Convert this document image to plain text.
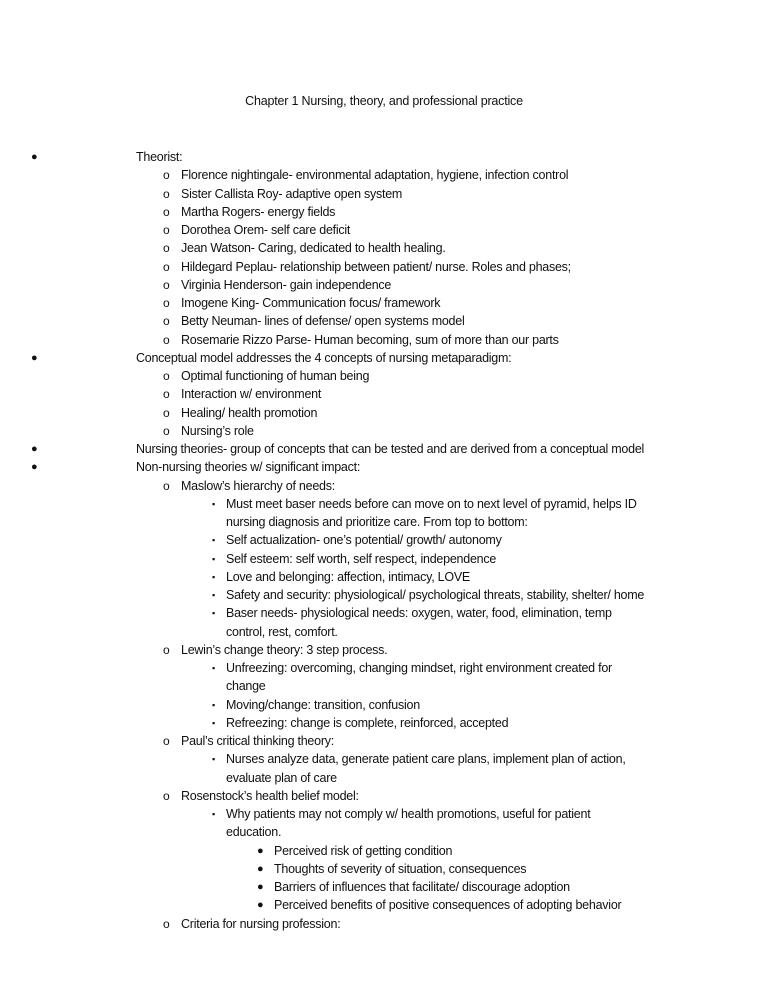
Chapter 1 Nursing, theory, and professional practice
●	Theorist:
o Florence nightingale- environmental adaptation, hygiene, infection control
o Sister Callista Roy- adaptive open system
o Martha Rogers- energy fields
o Dorothea Orem- self care deficit
o Jean Watson- Caring, dedicated to health healing.
o Hildegard Peplau- relationship between patient/ nurse. Roles and phases;
o Virginia Henderson- gain independence
o Imogene King- Communication focus/ framework
o Betty Neuman- lines of defense/ open systems model
o Rosemarie Rizzo Parse- Human becoming, sum of more than our parts
●	Conceptual model addresses the 4 concepts of nursing metaparadigm:
o Optimal functioning of human being
o Interaction w/ environment
o Healing/ health promotion
o Nursing’s role
●	Nursing theories- group of concepts that can be tested and are derived from a conceptual model
●	Non-nursing theories w/ significant impact:
o Maslow’s hierarchy of needs:
▪ Must meet baser needs before can move on to next level of pyramid, helps ID
nursing diagnosis and prioritize care. From top to bottom:
▪ Self actualization- one’s potential/ growth/ autonomy
▪ Self esteem: self worth, self respect, independence
▪ Love and belonging: affection, intimacy, LOVE
▪ Safety and security: physiological/ psychological threats, stability, shelter/ home
▪ Baser needs- physiological needs: oxygen, water, food, elimination, temp
control, rest, comfort.
o Lewin’s change theory: 3 step process.
▪ Unfreezing: overcoming, changing mindset, right environment created for
change
▪ Moving/change: transition, confusion
▪ Refreezing: change is complete, reinforced, accepted
o Paul’s critical thinking theory:
▪ Nurses analyze data, generate patient care plans, implement plan of action,
evaluate plan of care
o Rosenstock’s health belief model:
▪ Why patients may not comply w/ health promotions, useful for patient
education.
● Perceived risk of getting condition
● Thoughts of severity of situation, consequences
● Barriers of influences that facilitate/ discourage adoption
● Perceived benefits of positive consequences of adopting behavior
o Criteria for nursing profession:
